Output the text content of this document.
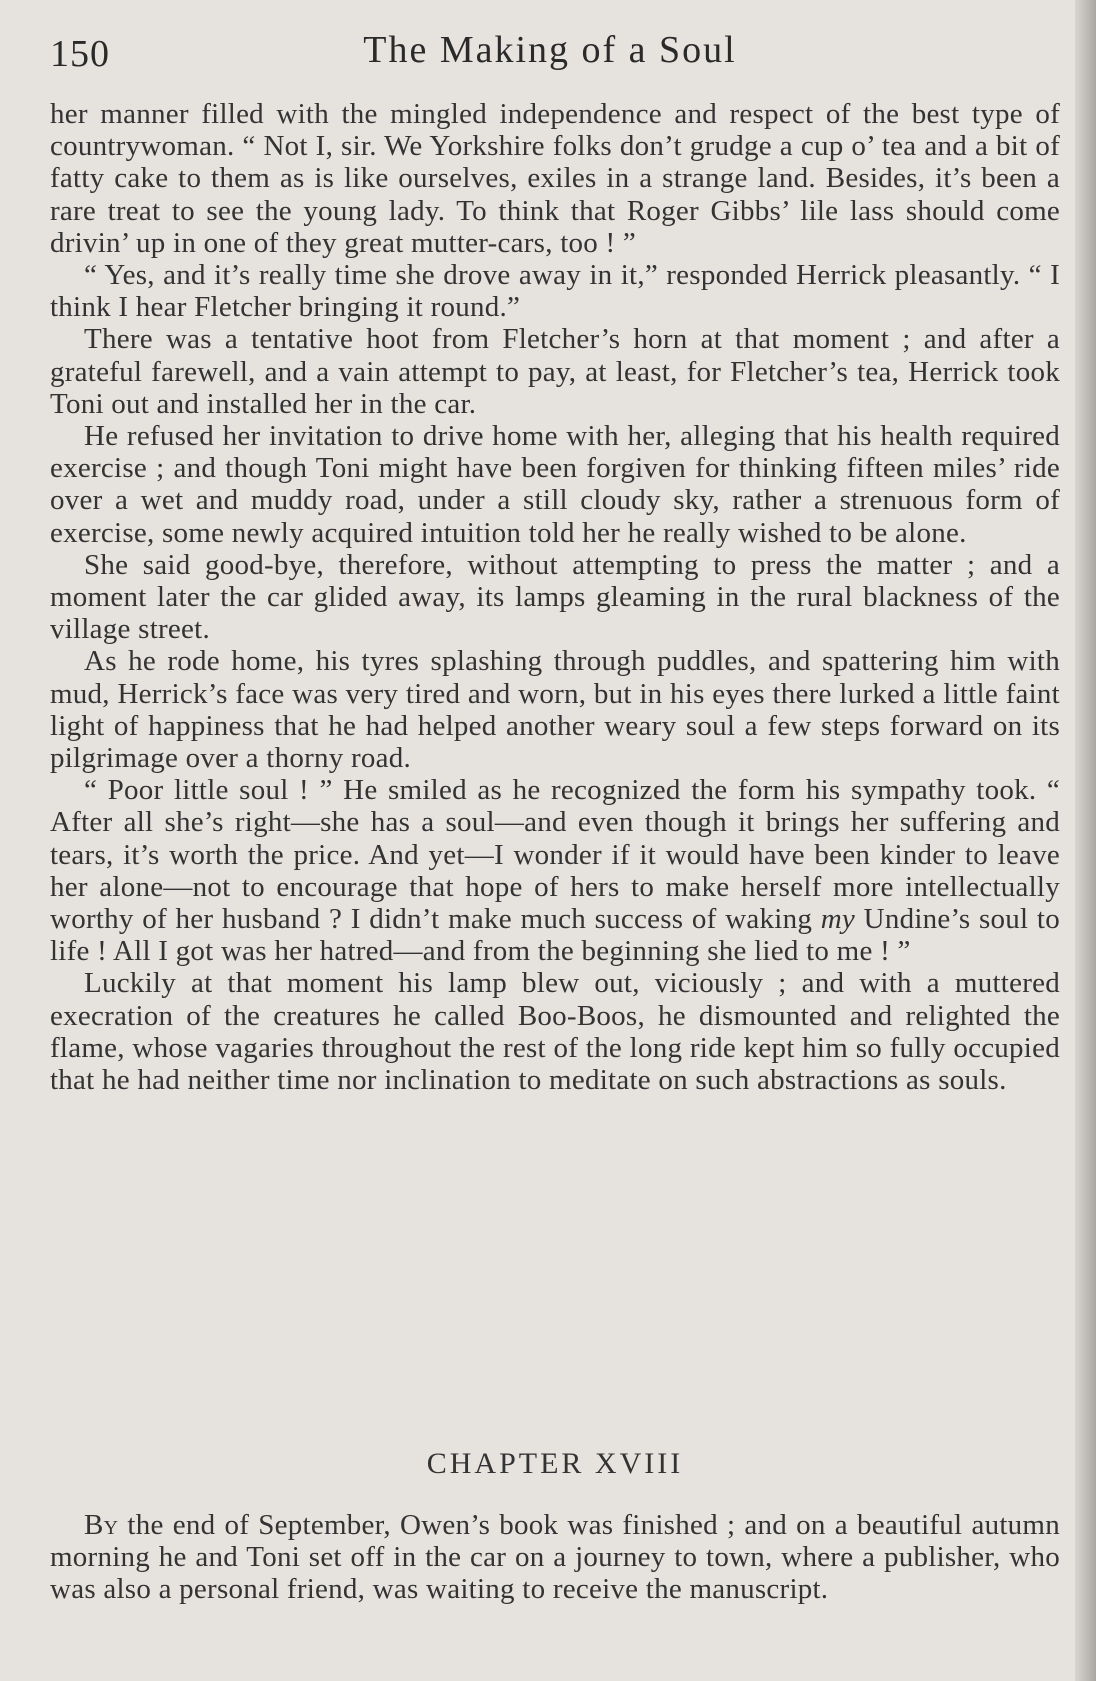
150	The Making of a Soul

her manner filled with the mingled independence and respect of the best type of countrywoman. “ Not I, sir. We Yorkshire folks don’t grudge a cup o’ tea and a bit of fatty cake to them as is like ourselves, exiles in a strange land. Besides, it’s been a rare treat to see the young lady. To think that Roger Gibbs’ lile lass should come drivin’ up in one of they great mutter-cars, too ! ”

“ Yes, and it’s really time she drove away in it,” responded Herrick pleasantly. “ I think I hear Fletcher bringing it round.”

There was a tentative hoot from Fletcher’s horn at that moment ; and after a grateful farewell, and a vain attempt to pay, at least, for Fletcher’s tea, Herrick took Toni out and installed her in the car.

He refused her invitation to drive home with her, alleging that his health required exercise ; and though Toni might have been forgiven for thinking fifteen miles’ ride over a wet and muddy road, under a still cloudy sky, rather a strenuous form of exercise, some newly acquired intuition told her he really wished to be alone.

She said good-bye, therefore, without attempting to press the matter ; and a moment later the car glided away, its lamps gleaming in the rural blackness of the village street.

As he rode home, his tyres splashing through puddles, and spattering him with mud, Herrick’s face was very tired and worn, but in his eyes there lurked a little faint light of happiness that he had helped another weary soul a few steps forward on its pilgrimage over a thorny road.

“ Poor little soul ! ” He smiled as he recognized the form his sympathy took. “ After all she’s right—she has a soul—and even though it brings her suffering and tears, it’s worth the price. And yet—I wonder if it would have been kinder to leave her alone—not to encourage that hope of hers to make herself more intellectually worthy of her husband ? I didn’t make much success of waking my Undine’s soul to life ! All I got was her hatred—and from the beginning she lied to me ! ”

Luckily at that moment his lamp blew out, viciously ; and with a muttered execration of the creatures he called Boo-Boos, he dismounted and relighted the flame, whose vagaries throughout the rest of the long ride kept him so fully occupied that he had neither time nor inclination to meditate on such abstractions as souls.

CHAPTER XVIII

By the end of September, Owen’s book was finished ; and on a beautiful autumn morning he and Toni set off in the car on a journey to town, where a publisher, who was also a personal friend, was waiting to receive the manuscript.
